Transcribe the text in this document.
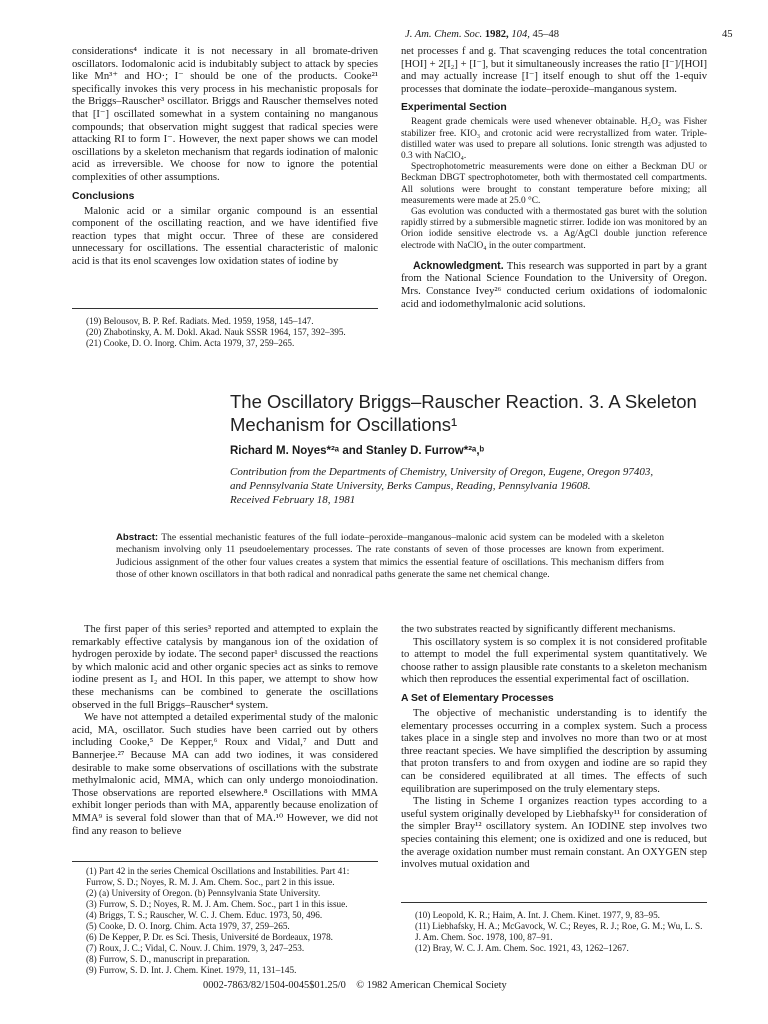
J. Am. Chem. Soc. 1982, 104, 45–48	45

considerations⁴ indicate it is not necessary in all bromate-driven oscillators. Iodomalonic acid is indubitably subject to attack by species like Mn³⁺ and HO·; I⁻ should be one of the products. Cooke²¹ specifically invokes this very process in his mechanistic proposals for the Briggs–Rauscher³ oscillator. Briggs and Rauscher themselves noted that [I⁻] oscillated somewhat in a system containing no manganous compounds; that observation might suggest that radical species were attacking RI to form I⁻. However, the next paper shows we can model oscillations by a skeleton mechanism that regards iodination of malonic acid as irreversible. We choose for now to ignore the potential complexities of other assumptions.

Conclusions

Malonic acid or a similar organic compound is an essential component of the oscillating reaction, and we have identified five reaction types that might occur. Three of these are considered unnecessary for oscillations. The essential characteristic of malonic acid is that its enol scavenges low oxidation states of iodine by

(19) Belousov, B. P. Ref. Radiats. Med. 1959, 1958, 145–147.

(20) Zhabotinsky, A. M. Dokl. Akad. Nauk SSSR 1964, 157, 392–395.

(21) Cooke, D. O. Inorg. Chim. Acta 1979, 37, 259–265.

net processes f and g. That scavenging reduces the total concentration [HOI] + 2[I₂] + [I⁻], but it simultaneously increases the ratio [I⁻]/[HOI] and may actually increase [I⁻] itself enough to shut off the 1-equiv processes that dominate the iodate–peroxide–manganous system.

Experimental Section

Reagent grade chemicals were used whenever obtainable. H₂O₂ was Fisher stabilizer free. KIO₃ and crotonic acid were recrystallized from water. Triple-distilled water was used to prepare all solutions. Ionic strength was adjusted to 0.3 with NaClO₄.

Spectrophotometric measurements were done on either a Beckman DU or Beckman DBGT spectrophotometer, both with thermostated cell compartments. All solutions were brought to constant temperature before mixing; all measurements were made at 25.0 °C.

Gas evolution was conducted with a thermostated gas buret with the solution rapidly stirred by a submersible magnetic stirrer. Iodide ion was monitored by an Orion iodide sensitive electrode vs. a Ag/AgCl double junction reference electrode with NaClO₄ in the outer compartment.

Acknowledgment. This research was supported in part by a grant from the National Science Foundation to the University of Oregon. Mrs. Constance Ivey²⁶ conducted cerium oxidations of iodomalonic acid and iodomethylmalonic acid solutions.

The Oscillatory Briggs–Rauscher Reaction. 3. A Skeleton
Mechanism for Oscillations¹
Richard M. Noyes*²ᵃ and Stanley D. Furrow*²ᵃ,ᵇ
Contribution from the Departments of Chemistry, University of Oregon, Eugene, Oregon 97403,
and Pennsylvania State University, Berks Campus, Reading, Pennsylvania 19608.
Received February 18, 1981
Abstract: The essential mechanistic features of the full iodate–peroxide–manganous–malonic acid system can be modeled with a skeleton mechanism involving only 11 pseudoelementary processes. The rate constants of seven of those processes are known from experiment. Judicious assignment of the other four values creates a system that mimics the essential feature of oscillations. This mechanism differs from those of other known oscillators in that both radical and nonradical paths generate the same net chemical change.

The first paper of this series³ reported and attempted to explain the remarkably effective catalysis by manganous ion of the oxidation of hydrogen peroxide by iodate. The second paper¹ discussed the reactions by which malonic acid and other organic species act as sinks to remove iodine present as I₂ and HOI. In this paper, we attempt to show how these mechanisms can be combined to generate the oscillations observed in the full Briggs–Rauscher⁴ system.

We have not attempted a detailed experimental study of the malonic acid, MA, oscillator. Such studies have been carried out by others including Cooke,⁵ De Kepper,⁶ Roux and Vidal,⁷ and Dutt and Bannerjee.²⁷ Because MA can add two iodines, it was considered desirable to make some observations of oscillations with the substrate methylmalonic acid, MMA, which can only undergo monoiodination. Those observations are reported elsewhere.⁸ Oscillations with MMA exhibit longer periods than with MA, apparently because enolization of MMA⁹ is several fold slower than that of MA.¹⁰ However, we did not find any reason to believe

(1) Part 42 in the series Chemical Oscillations and Instabilities. Part 41: Furrow, S. D.; Noyes, R. M. J. Am. Chem. Soc., part 2 in this issue.

(2) (a) University of Oregon. (b) Pennsylvania State University.

(3) Furrow, S. D.; Noyes, R. M. J. Am. Chem. Soc., part 1 in this issue.

(4) Briggs, T. S.; Rauscher, W. C. J. Chem. Educ. 1973, 50, 496.

(5) Cooke, D. O. Inorg. Chim. Acta 1979, 37, 259–265.

(6) De Kepper, P. Dr. es Sci. Thesis, Université de Bordeaux, 1978.

(7) Roux, J. C.; Vidal, C. Nouv. J. Chim. 1979, 3, 247–253.

(8) Furrow, S. D., manuscript in preparation.

(9) Furrow, S. D. Int. J. Chem. Kinet. 1979, 11, 131–145.

the two substrates reacted by significantly different mechanisms.

This oscillatory system is so complex it is not considered profitable to attempt to model the full experimental system quantitatively. We choose rather to assign plausible rate constants to a skeleton mechanism which then reproduces the essential experimental fact of oscillation.

A Set of Elementary Processes

The objective of mechanistic understanding is to identify the elementary processes occurring in a complex system. Such a process takes place in a single step and involves no more than two or at most three reactant species. We have simplified the description by assuming that proton transfers to and from oxygen and iodine are so rapid they can be considered equilibrated at all times. The effects of such equilibration are superimposed on the truly elementary steps.

The listing in Scheme I organizes reaction types according to a useful system originally developed by Liebhafsky¹¹ for consideration of the simpler Bray¹² oscillatory system. An IODINE step involves two species containing this element; one is oxidized and one is reduced, but the average oxidation number must remain constant. An OXYGEN step involves mutual oxidation and

(10) Leopold, K. R.; Haim, A. Int. J. Chem. Kinet. 1977, 9, 83–95.

(11) Liebhafsky, H. A.; McGavock, W. C.; Reyes, R. J.; Roe, G. M.; Wu, L. S. J. Am. Chem. Soc. 1978, 100, 87–91.

(12) Bray, W. C. J. Am. Chem. Soc. 1921, 43, 1262–1267.

0002-7863/82/1504-0045$01.25/0 © 1982 American Chemical Society
